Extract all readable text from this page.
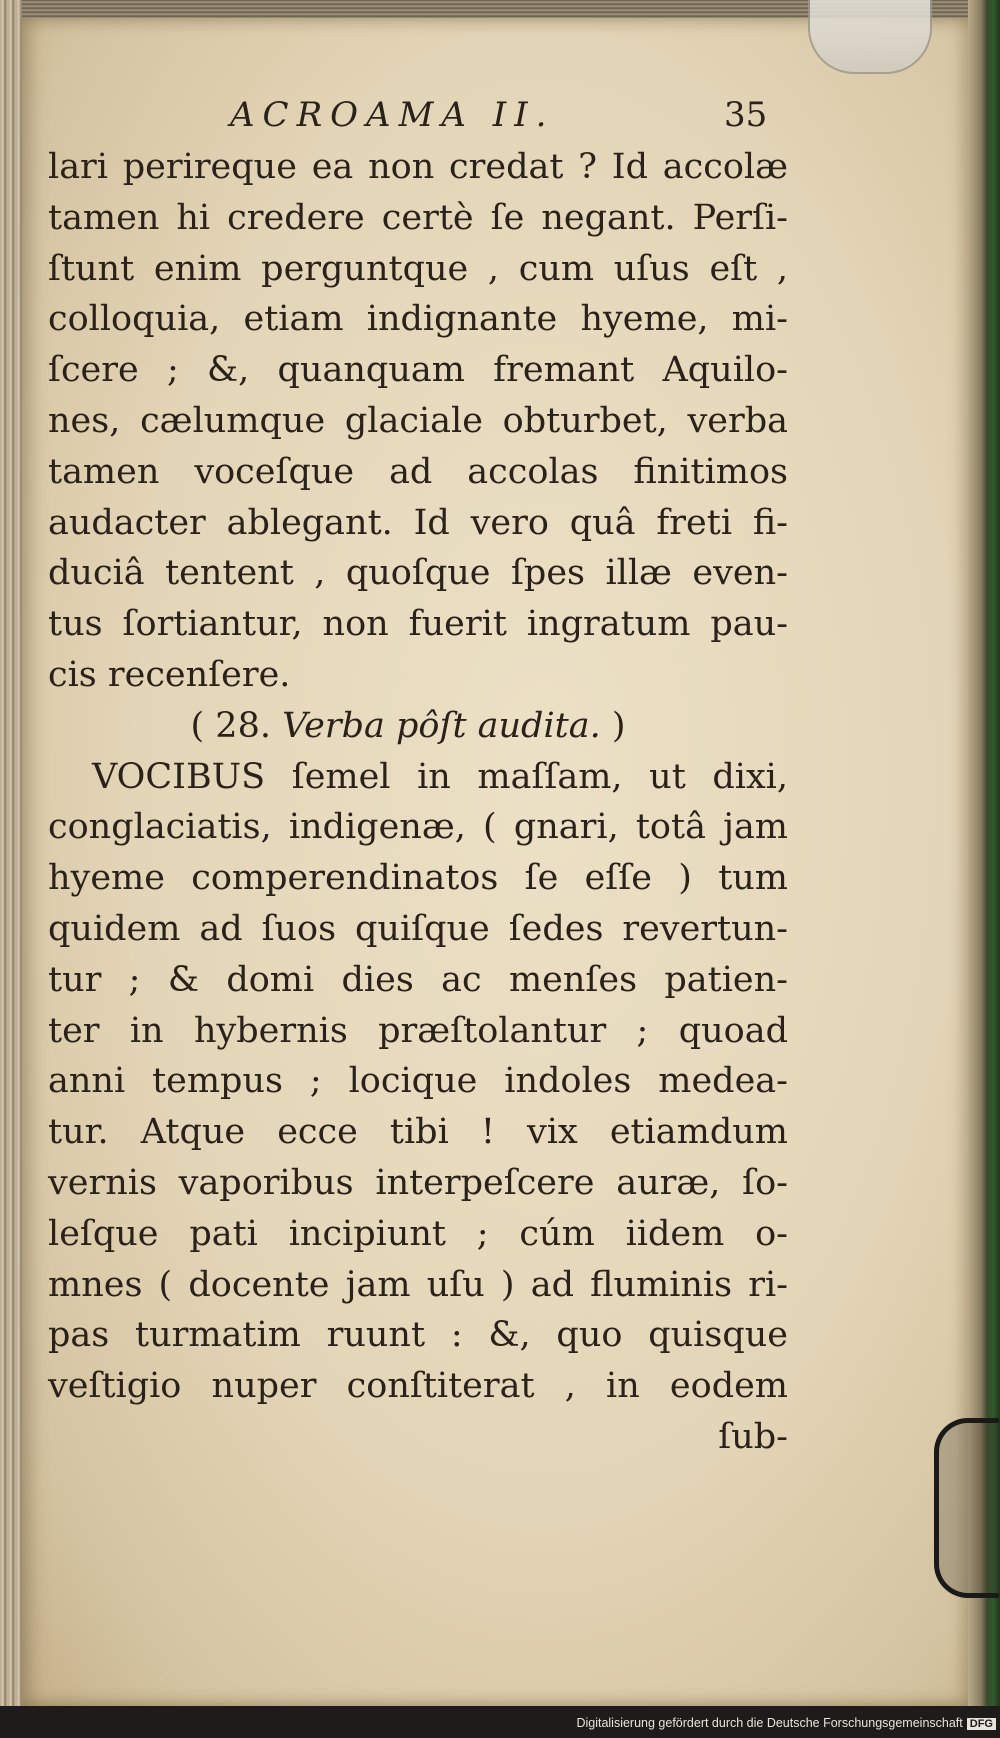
ACROAMA II.	35
lari perireque ea non credat ? Id accolæ
tamen hi credere certè ſe negant. Perſi-
ſtunt enim perguntque , cum uſus eſt ,
colloquia, etiam indignante hyeme, mi-
ſcere ; &, quanquam fremant Aquilo-
nes, cælumque glaciale obturbet, verba
tamen voceſque ad accolas finitimos
audacter ablegant. Id vero quâ freti fi-
duciâ tentent , quoſque ſpes illæ even-
tus ſortiantur, non fuerit ingratum pau-
cis recenſere.
( 28. Verba pôſt audita. )
VOCIBUS ſemel in maſſam, ut dixi,
conglaciatis, indigenæ, ( gnari, totâ jam
hyeme comperendinatos ſe eſſe ) tum
quidem ad ſuos quiſque ſedes revertun-
tur ; & domi dies ac menſes patien-
ter in hybernis præſtolantur ; quoad
anni tempus ; locique indoles medea-
tur. Atque ecce tibi ! vix etiamdum
vernis vaporibus interpeſcere auræ, ſo-
leſque pati incipiunt ; cúm iidem o-
mnes ( docente jam uſu ) ad fluminis ri-
pas turmatim ruunt : &, quo quisque
veſtigio nuper conſtiterat , in eodem
ſub-
Digitalisierung gefördert durch die Deutsche Forschungsgemeinschaft DFG
